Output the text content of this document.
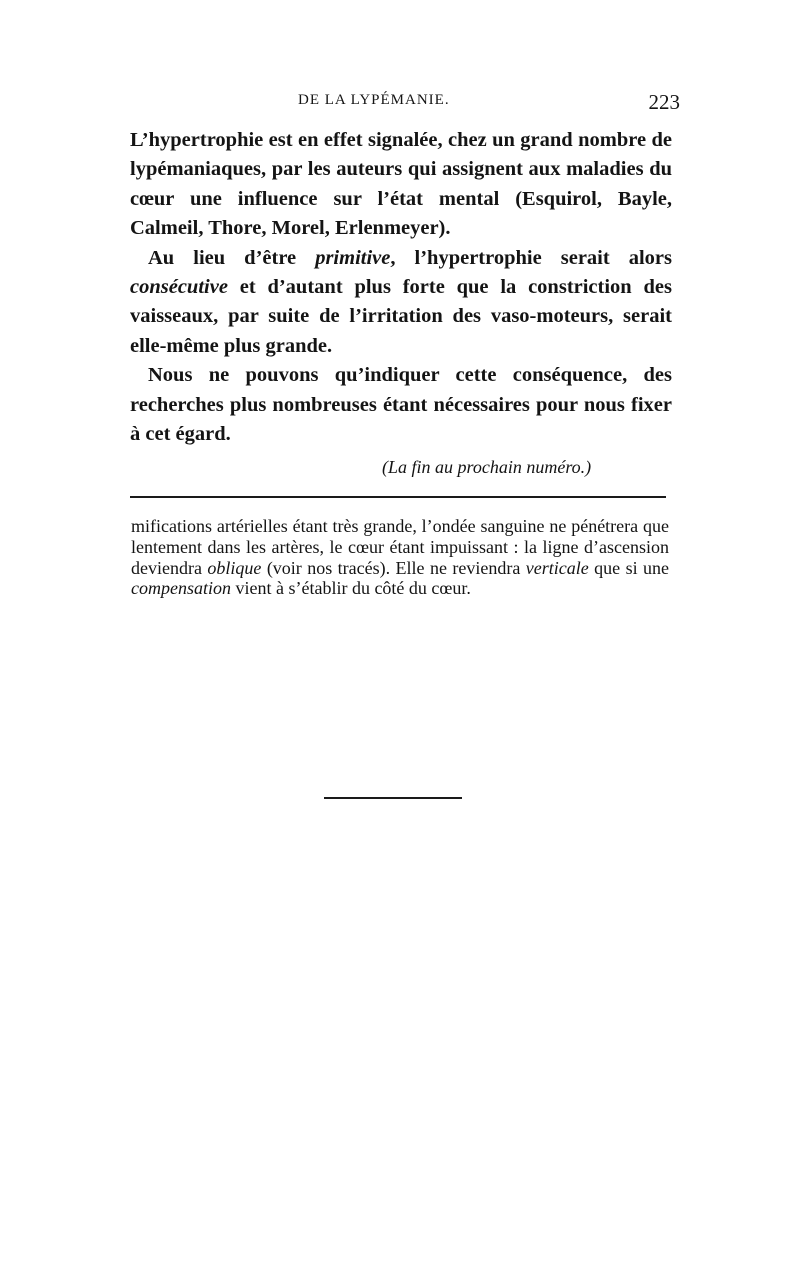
DE LA LYPÉMANIE.	223

L’hypertrophie est en effet signalée, chez un grand nombre de lypémaniaques, par les auteurs qui assignent aux maladies du cœur une influence sur l’état mental (Esquirol, Bayle, Calmeil, Thore, Morel, Erlenmeyer).

Au lieu d’être primitive, l’hypertrophie serait alors consécutive et d’autant plus forte que la constriction des vaisseaux, par suite de l’irritation des vaso-moteurs, serait elle-même plus grande.

Nous ne pouvons qu’indiquer cette conséquence, des recherches plus nombreuses étant nécessaires pour nous fixer à cet égard.

(La fin au prochain numéro.)

mifications artérielles étant très grande, l’ondée sanguine ne pénétrera que lentement dans les artères, le cœur étant impuissant : la ligne d’ascension deviendra oblique (voir nos tracés). Elle ne reviendra verticale que si une compensation vient à s’établir du côté du cœur.
